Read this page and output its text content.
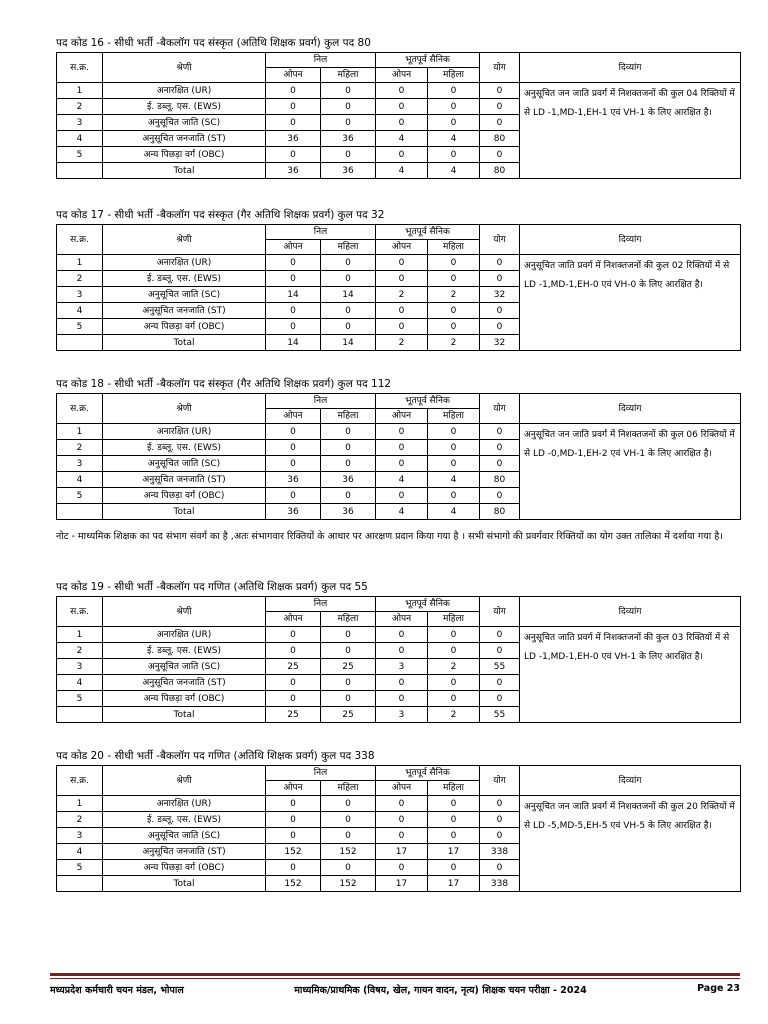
पद कोड 16 - सीधी भर्ती -बैकलॉग पद संस्कृत (अतिथि शिक्षक प्रवर्ग) कुल पद 80
स.क्र.	श्रेणी	नि‍ल		भूतपूर्व सैनिक		योग	दिव्यांग
		ओपन	महिला	ओपन	महिला		
1	अनारक्षित (UR)	0	0	0	0	0	अनुसूचित जन जाति प्रवर्ग में निशक्तजनों की कुल 04 रिक्तियों में से LD -1,MD-1,EH-1 एवं VH-1 के लिए आरक्षित है।
2	ई. डब्लू. एस. (EWS)	0	0	0	0	0	
3	अनुसूचित जाति (SC)	0	0	0	0	0	
4	अनुसूचित जनजाति (ST)	36	36	4	4	80	
5	अन्य पिछड़ा वर्ग (OBC)	0	0	0	0	0	
	Total	36	36	4	4	80	
पद कोड 17 - सीधी भर्ती -बैकलॉग पद संस्कृत (गैर अतिथि शिक्षक प्रवर्ग) कुल पद 32
स.क्र.	श्रेणी	नि‍ल		भूतपूर्व सैनिक		योग	दिव्यांग
		ओपन	महिला	ओपन	महिला		
1	अनारक्षित (UR)	0	0	0	0	0	अनुसूचित जाति प्रवर्ग में निशक्तजनों की कुल 02 रिक्तियों में से LD -1,MD-1,EH-0 एवं VH-0 के लिए आरक्षित है।
2	ई. डब्लू. एस. (EWS)	0	0	0	0	0	
3	अनुसूचित जाति (SC)	14	14	2	2	32	
4	अनुसूचित जनजाति (ST)	0	0	0	0	0	
5	अन्य पिछड़ा वर्ग (OBC)	0	0	0	0	0	
	Total	14	14	2	2	32	
पद कोड 18 - सीधी भर्ती -बैकलॉग पद संस्कृत (गैर अतिथि शिक्षक प्रवर्ग) कुल पद 112
स.क्र.	श्रेणी	नि‍ल		भूतपूर्व सैनिक		योग	दिव्यांग
		ओपन	महिला	ओपन	महिला		
1	अनारक्षित (UR)	0	0	0	0	0	अनुसूचित जन जाति प्रवर्ग में निशक्तजनों की कुल 06 रिक्तियों में से LD -0,MD-1,EH-2 एवं VH-1 के लिए आरक्षित है।
2	ई. डब्लू. एस. (EWS)	0	0	0	0	0	
3	अनुसूचित जाति (SC)	0	0	0	0	0	
4	अनुसूचित जनजाति (ST)	36	36	4	4	80	
5	अन्य पिछड़ा वर्ग (OBC)	0	0	0	0	0	
	Total	36	36	4	4	80	
पद कोड 19 - सीधी भर्ती -बैकलॉग पद गणित (अतिथि शिक्षक प्रवर्ग) कुल पद 55
स.क्र.	श्रेणी	नि‍ल		भूतपूर्व सैनिक		योग	दिव्यांग
		ओपन	महिला	ओपन	महिला		
1	अनारक्षित (UR)	0	0	0	0	0	अनुसूचित जाति प्रवर्ग में निशक्तजनों की कुल 03 रिक्तियों में से LD -1,MD-1,EH-0 एवं VH-1 के लिए आरक्षित है।
2	ई. डब्लू. एस. (EWS)	0	0	0	0	0	
3	अनुसूचित जाति (SC)	25	25	3	2	55	
4	अनुसूचित जनजाति (ST)	0	0	0	0	0	
5	अन्य पिछड़ा वर्ग (OBC)	0	0	0	0	0	
	Total	25	25	3	2	55	
पद कोड 20 - सीधी भर्ती -बैकलॉग पद गणित (अतिथि शिक्षक प्रवर्ग) कुल पद 338
स.क्र.	श्रेणी	नि‍ल		भूतपूर्व सैनिक		योग	दिव्यांग
		ओपन	महिला	ओपन	महिला		
1	अनारक्षित (UR)	0	0	0	0	0	अनुसूचित जन जाति प्रवर्ग में निशक्तजनों की कुल 20 रिक्तियों में से LD -5,MD-5,EH-5 एवं VH-5 के लिए आरक्षित है।
2	ई. डब्लू. एस. (EWS)	0	0	0	0	0	
3	अनुसूचित जाति (SC)	0	0	0	0	0	
4	अनुसूचित जनजाति (ST)	152	152	17	17	338	
5	अन्य पिछड़ा वर्ग (OBC)	0	0	0	0	0	
	Total	152	152	17	17	338	
नोट - माध्यमिक शिक्षक का पद संभाग संवर्ग का है ,अतः संभागवार रिक्तियों के आधार पर आरक्षण प्रदान किया गया है । सभी संभागो की प्रवर्गवार रिक्तियों का योग उक्त तालिका में दर्शाया गया है।
मध्यप्रदेश कर्मचारी चयन मंडल, भोपाल	माध्यमिक/प्राथमिक (विषय, खेल, गायन वादन, नृत्य) शिक्षक चयन परीक्षा - 2024	Page 23
